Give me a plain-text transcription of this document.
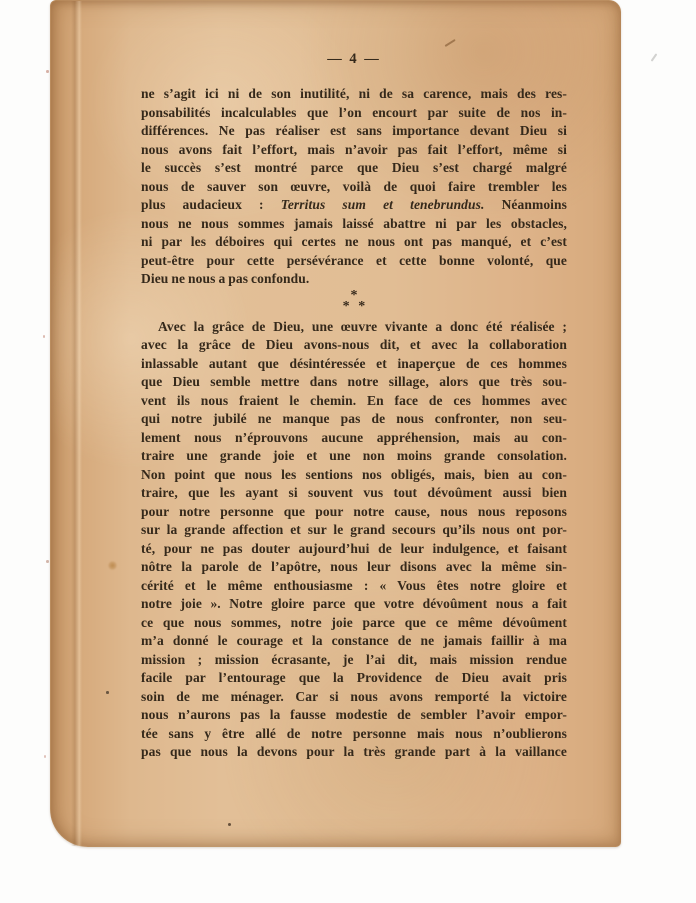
— 4 —
ne s’agit ici ni de son inutilité, ni de sa carence, mais des res-
ponsabilités incalculables que l’on encourt par suite de nos in-
différences. Ne pas réaliser est sans importance devant Dieu si
nous avons fait l’effort, mais n’avoir pas fait l’effort, même si
le succès s’est montré parce que Dieu s’est chargé malgré
nous de sauver son œuvre, voilà de quoi faire trembler les
plus audacieux : Territus sum et tenebrundus. Néanmoins
nous ne nous sommes jamais laissé abattre ni par les obstacles,
ni par les déboires qui certes ne nous ont pas manqué, et c’est
peut-être pour cette persévérance et cette bonne volonté, que
Dieu ne nous a pas confondu.
*
* *
Avec la grâce de Dieu, une œuvre vivante a donc été réalisée ;
avec la grâce de Dieu avons-nous dit, et avec la collaboration
inlassable autant que désintéressée et inaperçue de ces hommes
que Dieu semble mettre dans notre sillage, alors que très sou-
vent ils nous fraient le chemin. En face de ces hommes avec
qui notre jubilé ne manque pas de nous confronter, non seu-
lement nous n’éprouvons aucune appréhension, mais au con-
traire une grande joie et une non moins grande consolation.
Non point que nous les sentions nos obligés, mais, bien au con-
traire, que les ayant si souvent vus tout dévoûment aussi bien
pour notre personne que pour notre cause, nous nous reposons
sur la grande affection et sur le grand secours qu’ils nous ont por-
té, pour ne pas douter aujourd’hui de leur indulgence, et faisant
nôtre la parole de l’apôtre, nous leur disons avec la même sin-
cérité et le même enthousiasme : « Vous êtes notre gloire et
notre joie ». Notre gloire parce que votre dévoûment nous a fait
ce que nous sommes, notre joie parce que ce même dévoûment
m’a donné le courage et la constance de ne jamais faillir à ma
mission ; mission écrasante, je l’ai dit, mais mission rendue
facile par l’entourage que la Providence de Dieu avait pris
soin de me ménager. Car si nous avons remporté la victoire
nous n’aurons pas la fausse modestie de sembler l’avoir empor-
tée sans y être allé de notre personne mais nous n’oublierons
pas que nous la devons pour la très grande part à la vaillance
